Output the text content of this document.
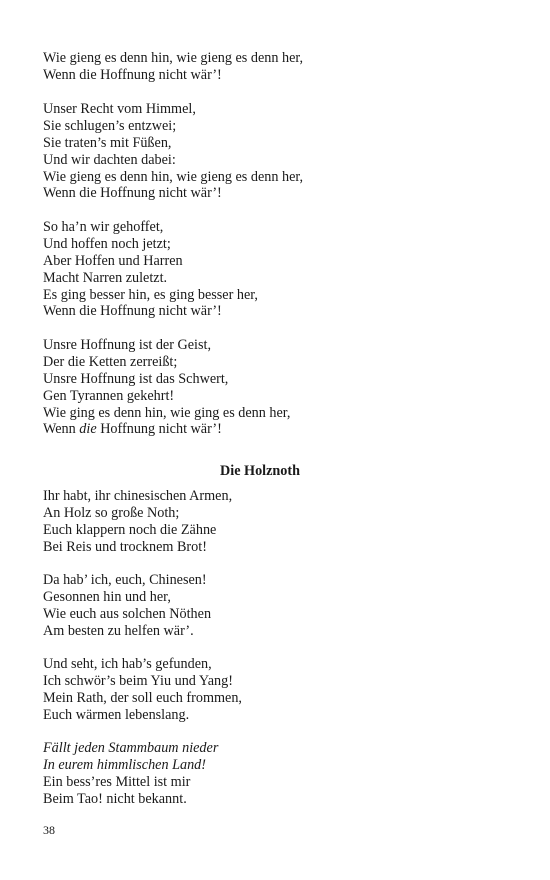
Wie gieng es denn hin, wie gieng es denn her,
Wenn die Hoffnung nicht wär’!
Unser Recht vom Himmel,
Sie schlugen’s entzwei;
Sie traten’s mit Füßen,
Und wir dachten dabei:
Wie gieng es denn hin, wie gieng es denn her,
Wenn die Hoffnung nicht wär’!
So ha’n wir gehoffet,
Und hoffen noch jetzt;
Aber Hoffen und Harren
Macht Narren zuletzt.
Es ging besser hin, es ging besser her,
Wenn die Hoffnung nicht wär’!
Unsre Hoffnung ist der Geist,
Der die Ketten zerreißt;
Unsre Hoffnung ist das Schwert,
Gen Tyrannen gekehrt!
Wie ging es denn hin, wie ging es denn her,
Wenn die Hoffnung nicht wär’!
Die Holznoth
Ihr habt, ihr chinesischen Armen,
An Holz so große Noth;
Euch klappern noch die Zähne
Bei Reis und trocknem Brot!
Da hab’ ich, euch, Chinesen!
Gesonnen hin und her,
Wie euch aus solchen Nöthen
Am besten zu helfen wär’.
Und seht, ich hab’s gefunden,
Ich schwör’s beim Yiu und Yang!
Mein Rath, der soll euch frommen,
Euch wärmen lebenslang.
Fällt jeden Stammbaum nieder
In eurem himmlischen Land!
Ein bess’res Mittel ist mir
Beim Tao! nicht bekannt.
38
